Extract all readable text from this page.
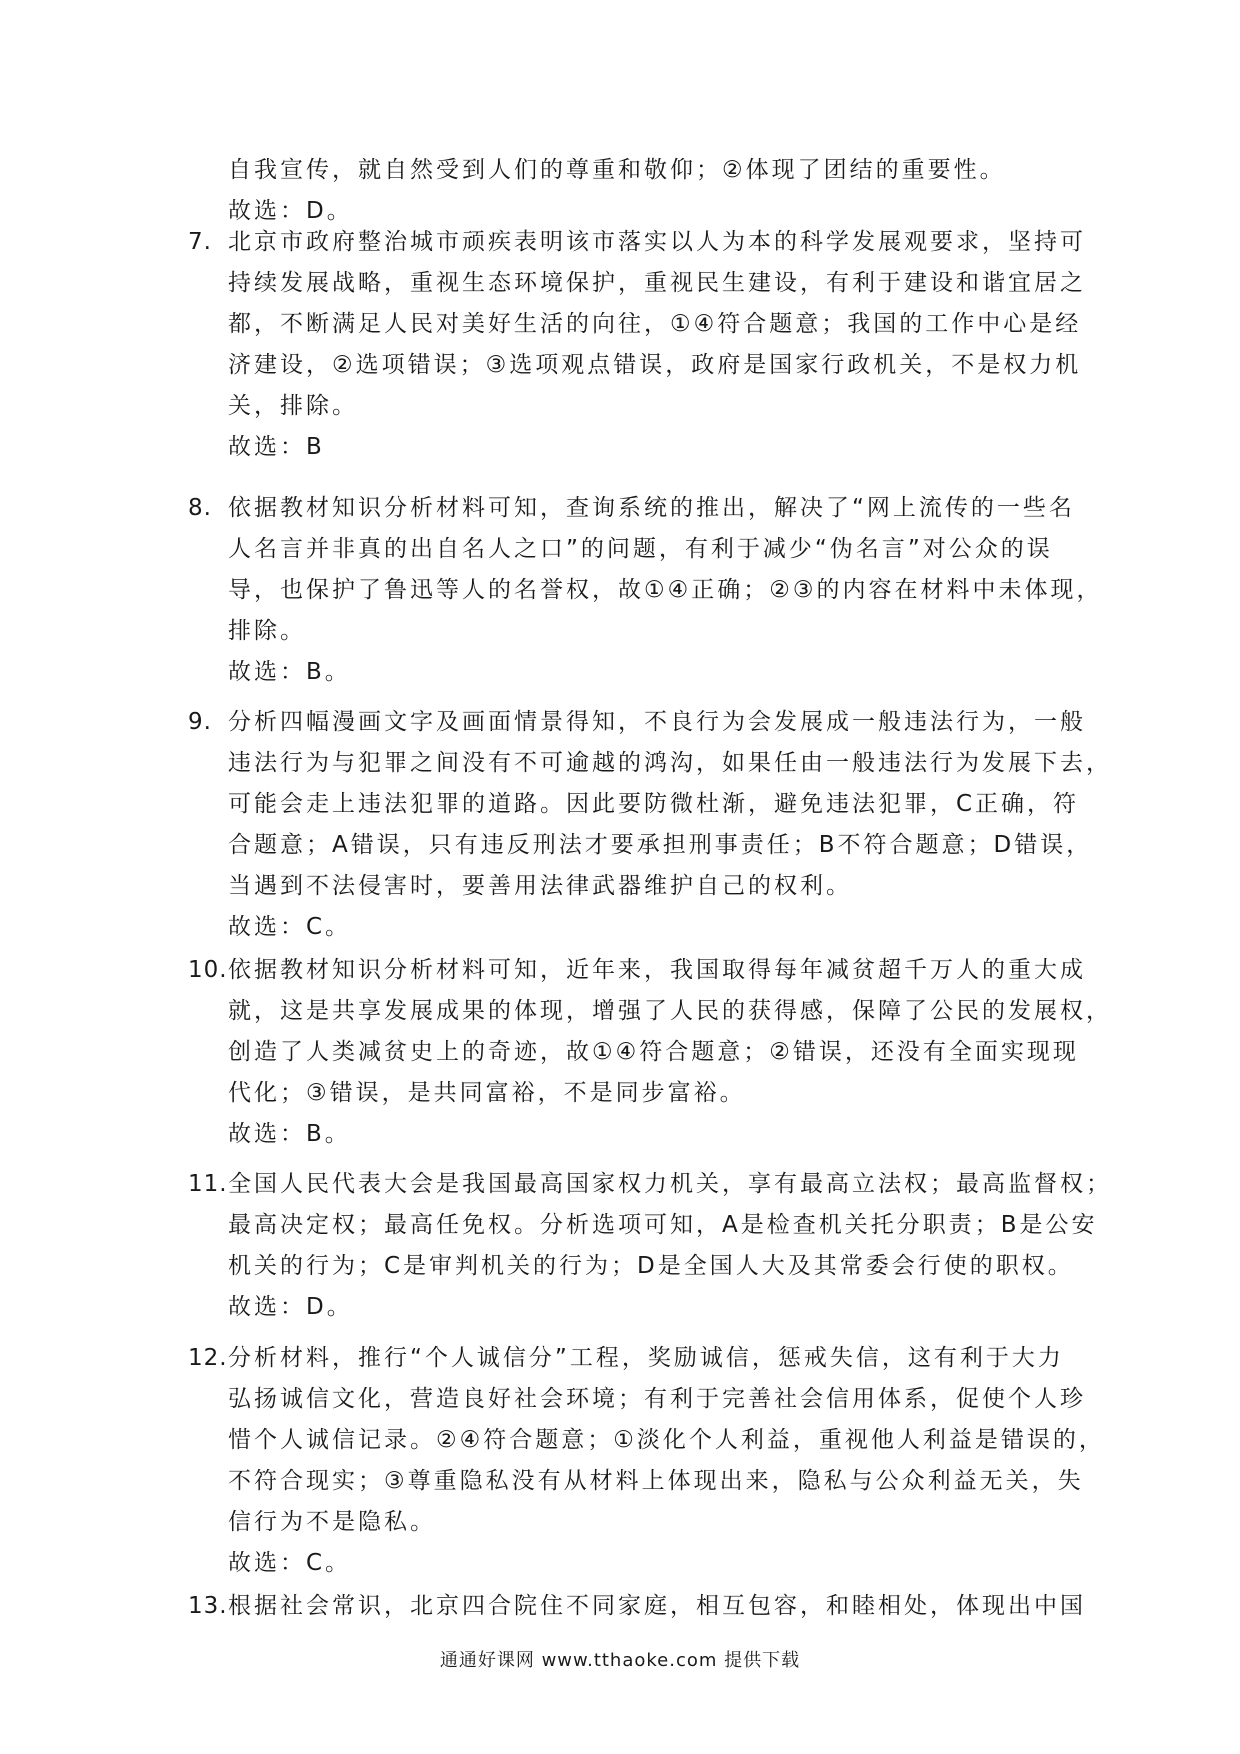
自我宣传，就自然受到人们的尊重和敬仰；②体现了团结的重要性。
故选：D。
7. 北京市政府整治城市顽疾表明该市落实以人为本的科学发展观要求，坚持可
持续发展战略，重视生态环境保护，重视民生建设，有利于建设和谐宜居之
都，不断满足人民对美好生活的向往，①④符合题意；我国的工作中心是经
济建设，②选项错误；③选项观点错误，政府是国家行政机关，不是权力机
关，排除。
故选：B
8. 依据教材知识分析材料可知，查询系统的推出，解决了“网上流传的一些名
人名言并非真的出自名人之口”的问题，有利于减少“伪名言”对公众的误
导，也保护了鲁迅等人的名誉权，故①④正确；②③的内容在材料中未体现，
排除。
故选：B。
9. 分析四幅漫画文字及画面情景得知，不良行为会发展成一般违法行为，一般
违法行为与犯罪之间没有不可逾越的鸿沟，如果任由一般违法行为发展下去，
可能会走上违法犯罪的道路。因此要防微杜渐，避免违法犯罪，C正确，符
合题意；A错误，只有违反刑法才要承担刑事责任；B不符合题意；D错误，
当遇到不法侵害时，要善用法律武器维护自己的权利。
故选：C。
10. 依据教材知识分析材料可知，近年来，我国取得每年减贫超千万人的重大成
就，这是共享发展成果的体现，增强了人民的获得感，保障了公民的发展权，
创造了人类减贫史上的奇迹，故①④符合题意；②错误，还没有全面实现现
代化；③错误，是共同富裕，不是同步富裕。
故选：B。
11. 全国人民代表大会是我国最高国家权力机关，享有最高立法权；最高监督权；
最高决定权；最高任免权。分析选项可知，A是检查机关托分职责；B是公安
机关的行为；C是审判机关的行为；D是全国人大及其常委会行使的职权。
故选：D。
12. 分析材料，推行“个人诚信分”工程，奖励诚信，惩戒失信，这有利于大力
弘扬诚信文化，营造良好社会环境；有利于完善社会信用体系，促使个人珍
惜个人诚信记录。②④符合题意；①淡化个人利益，重视他人利益是错误的，
不符合现实；③尊重隐私没有从材料上体现出来，隐私与公众利益无关，失
信行为不是隐私。
故选：C。
13. 根据社会常识，北京四合院住不同家庭，相互包容，和睦相处，体现出中国
通通好课网 www.tthaoke.com 提供下载
